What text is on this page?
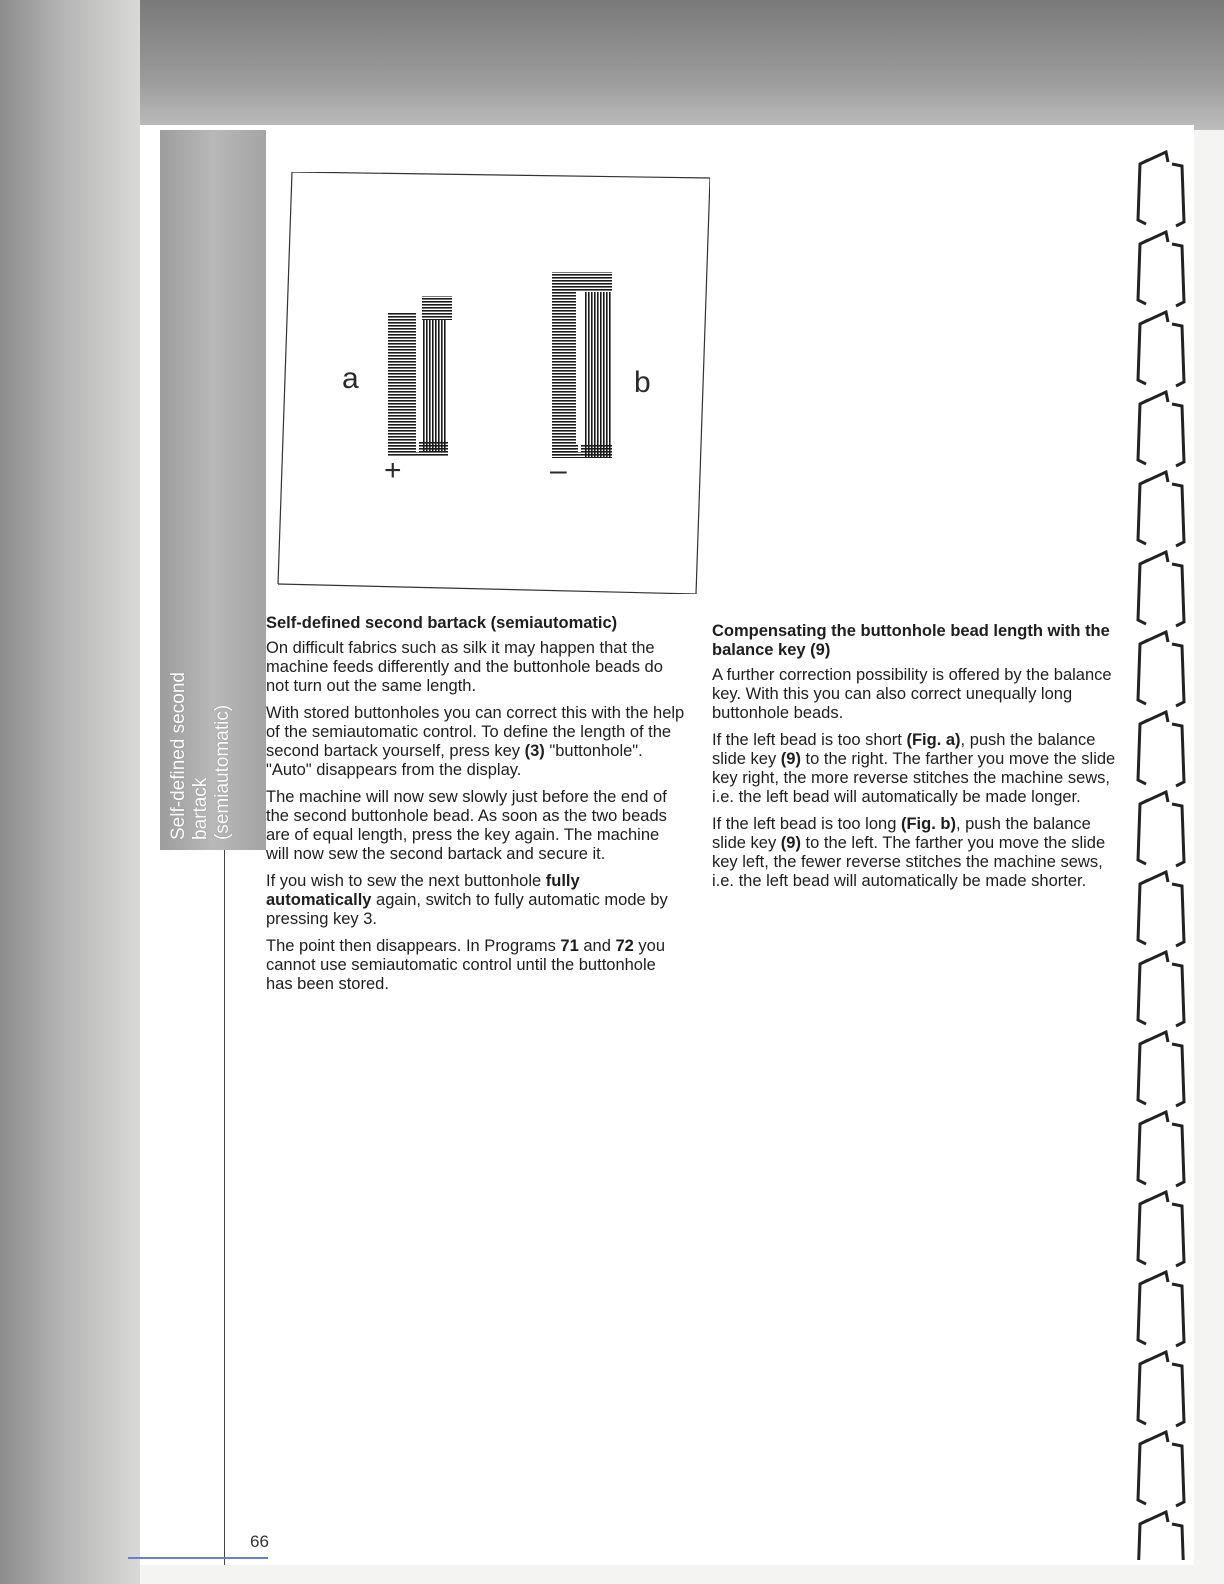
Self-defined second
bartack
(semiautomatic)
a	b
+	–
Self-defined second bartack (semiautomatic)

On difficult fabrics such as silk it may happen that the machine feeds differently and the buttonhole beads do not turn out the same length.

With stored buttonholes you can correct this with the help of the semiautomatic control. To define the length of the second bartack yourself, press key (3) "buttonhole". "Auto" disappears from the display.

The machine will now sew slowly just before the end of the second buttonhole bead. As soon as the two beads are of equal length, press the key again. The machine will now sew the second bartack and secure it.

If you wish to sew the next buttonhole fully automatically again, switch to fully automatic mode by pressing key 3.

The point then disappears. In Programs 71 and 72 you cannot use semiautomatic control until the buttonhole has been stored.

Compensating the buttonhole bead length with the balance key (9)

A further correction possibility is offered by the balance key. With this you can also correct unequally long buttonhole beads.

If the left bead is too short (Fig. a), push the balance slide key (9) to the right. The farther you move the slide key right, the more reverse stitches the machine sews, i.e. the left bead will automatically be made longer.

If the left bead is too long (Fig. b), push the balance slide key (9) to the left. The farther you move the slide key left, the fewer reverse stitches the machine sews, i.e. the left bead will automatically be made shorter.

66
